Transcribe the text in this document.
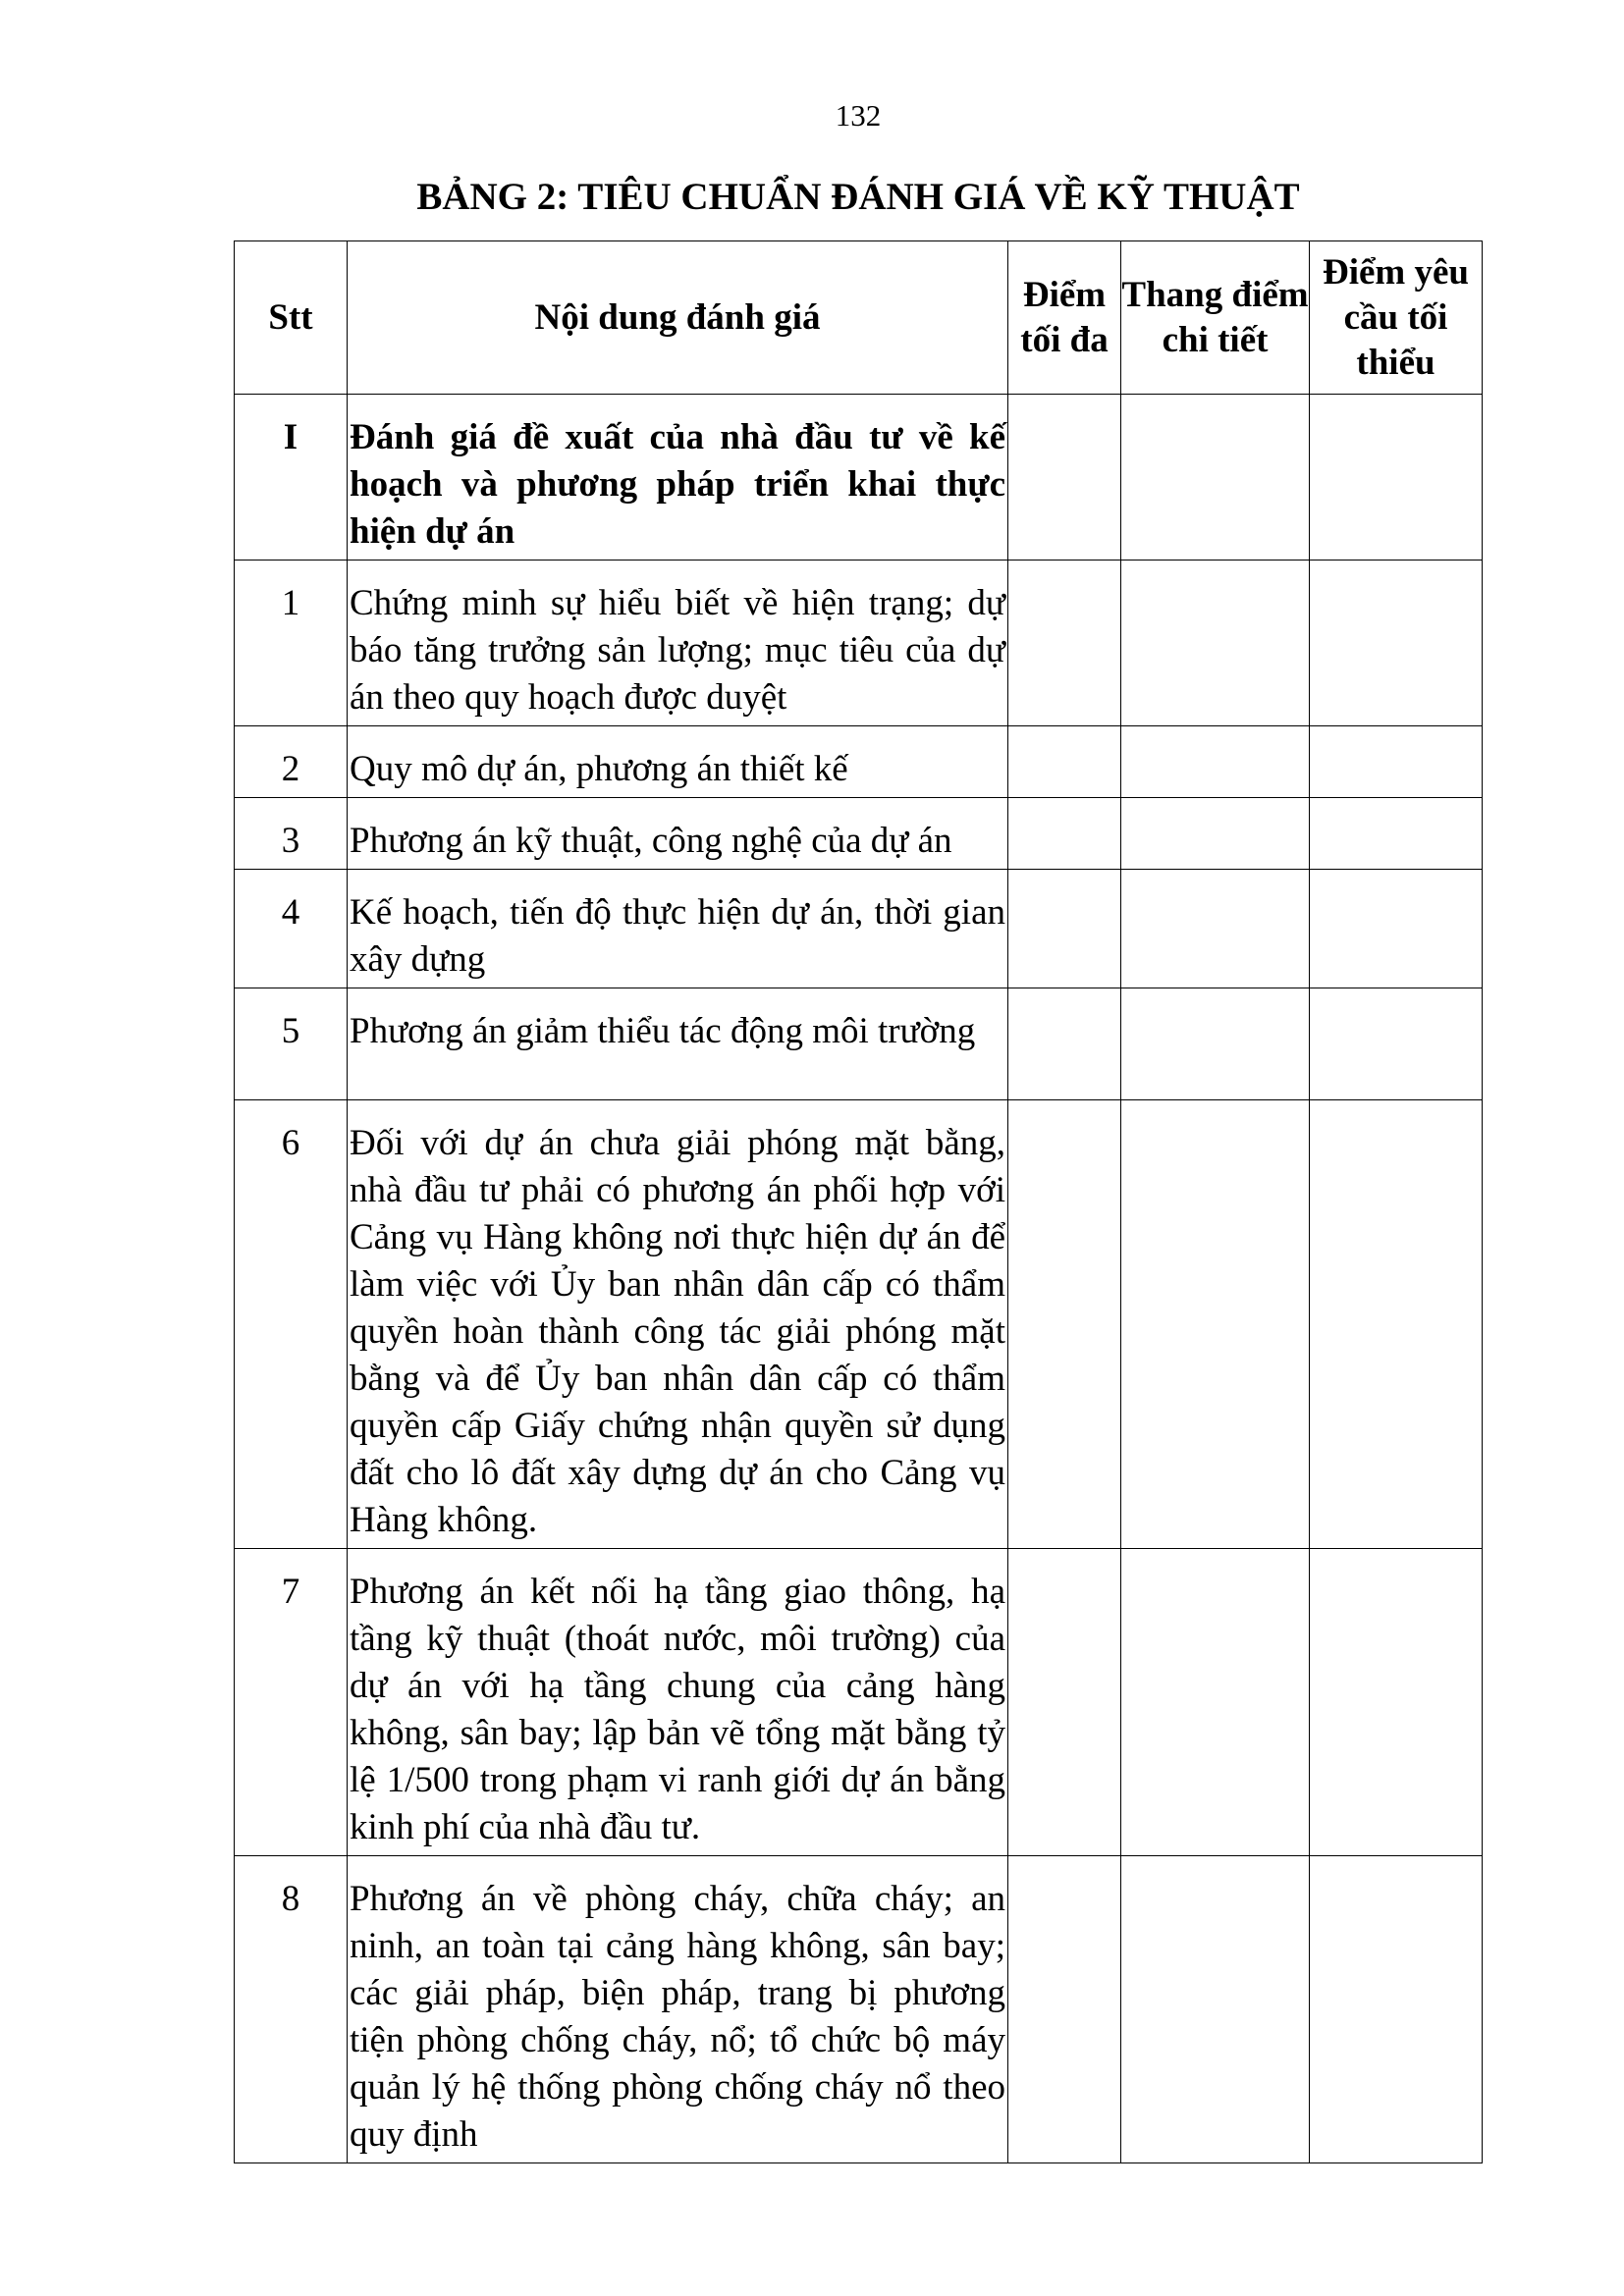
132
BẢNG 2: TIÊU CHUẨN ĐÁNH GIÁ VỀ KỸ THUẬT
Stt	Nội dung đánh giá	Điểm tối đa	Thang điểm chi tiết	Điểm yêu cầu tối thiểu
I	Đánh giá đề xuất của nhà đầu tư về kế hoạch và phương pháp triển khai thực hiện dự án			
1	Chứng minh sự hiểu biết về hiện trạng; dự báo tăng trưởng sản lượng; mục tiêu của dự án theo quy hoạch được duyệt			
2	Quy mô dự án, phương án thiết kế			
3	Phương án kỹ thuật, công nghệ của dự án			
4	Kế hoạch, tiến độ thực hiện dự án, thời gian xây dựng			
5	Phương án giảm thiểu tác động môi trường			
6	Đối với dự án chưa giải phóng mặt bằng, nhà đầu tư phải có phương án phối hợp với Cảng vụ Hàng không nơi thực hiện dự án để làm việc với Ủy ban nhân dân cấp có thẩm quyền hoàn thành công tác giải phóng mặt bằng và để Ủy ban nhân dân cấp có thẩm quyền cấp Giấy chứng nhận quyền sử dụng đất cho lô đất xây dựng dự án cho Cảng vụ Hàng không.			
7	Phương án kết nối hạ tầng giao thông, hạ tầng kỹ thuật (thoát nước, môi trường) của dự án với hạ tầng chung của cảng hàng không, sân bay; lập bản vẽ tổng mặt bằng tỷ lệ 1/500 trong phạm vi ranh giới dự án bằng kinh phí của nhà đầu tư.			
8	Phương án về phòng cháy, chữa cháy; an ninh, an toàn tại cảng hàng không, sân bay; các giải pháp, biện pháp, trang bị phương tiện phòng chống cháy, nổ; tổ chức bộ máy quản lý hệ thống phòng chống cháy nổ theo quy định			
